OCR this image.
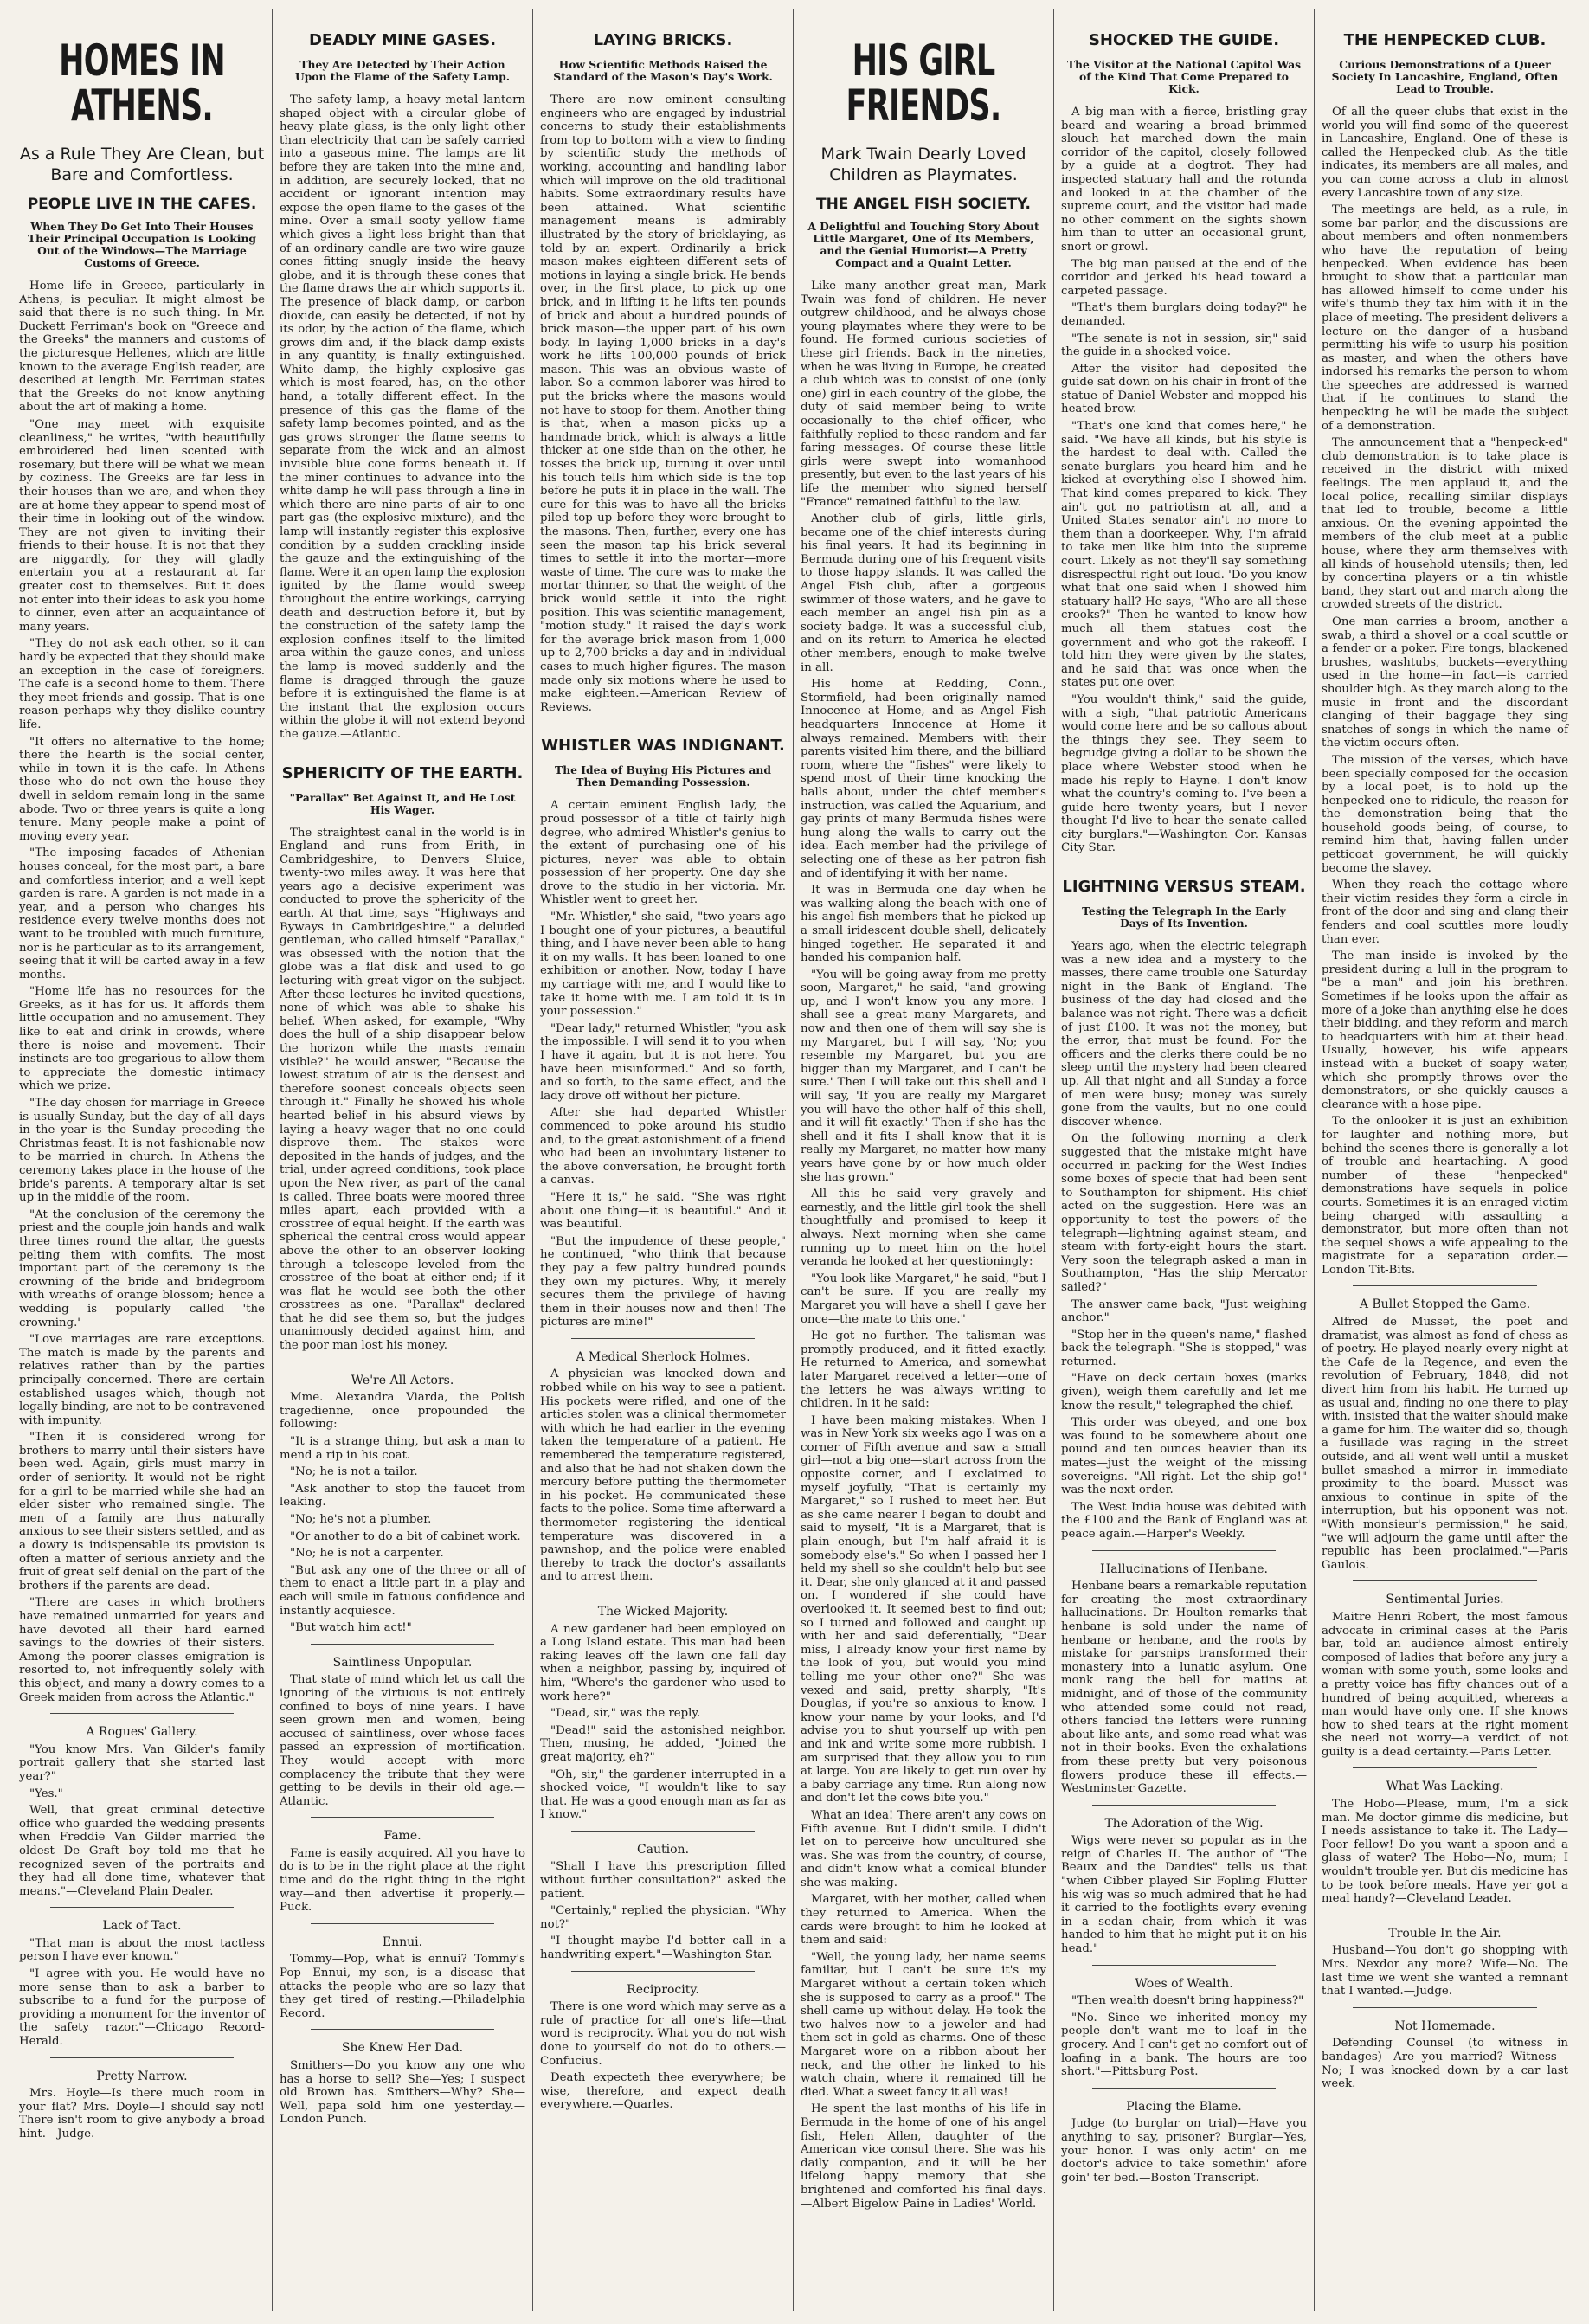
HOMES IN ATHENS.
As a Rule They Are Clean, but Bare and Comfortless.
PEOPLE LIVE IN THE CAFES.
When They Do Get Into Their Houses Their Principal Occupation Is Looking Out of the Windows—The Marriage Customs of Greece.

Home life in Greece, particularly in Athens, is peculiar. It might almost be said that there is no such thing. In Mr. Duckett Ferriman's book on "Greece and the Greeks" the manners and customs of the picturesque Hellenes, which are little known to the average English reader, are described at length. Mr. Ferriman states that the Greeks do not know anything about the art of making a home.

"One may meet with exquisite cleanliness," he writes, "with beautifully embroidered bed linen scented with rosemary, but there will be what we mean by coziness. The Greeks are far less in their houses than we are, and when they are at home they appear to spend most of their time in looking out of the window. They are not given to inviting their friends to their house. It is not that they are niggardly, for they will gladly entertain you at a restaurant at far greater cost to themselves. But it does not enter into their ideas to ask you home to dinner, even after an acquaintance of many years.

"They do not ask each other, so it can hardly be expected that they should make an exception in the case of foreigners. The cafe is a second home to them. There they meet friends and gossip. That is one reason perhaps why they dislike country life.

"It offers no alternative to the home; there the hearth is the social center, while in town it is the cafe. In Athens those who do not own the house they dwell in seldom remain long in the same abode. Two or three years is quite a long tenure. Many people make a point of moving every year.

"The imposing facades of Athenian houses conceal, for the most part, a bare and comfortless interior, and a well kept garden is rare. A garden is not made in a year, and a person who changes his residence every twelve months does not want to be troubled with much furniture, nor is he particular as to its arrangement, seeing that it will be carted away in a few months.

"Home life has no resources for the Greeks, as it has for us. It affords them little occupation and no amusement. They like to eat and drink in crowds, where there is noise and movement. Their instincts are too gregarious to allow them to appreciate the domestic intimacy which we prize.

"The day chosen for marriage in Greece is usually Sunday, but the day of all days in the year is the Sunday preceding the Christmas feast. It is not fashionable now to be married in church. In Athens the ceremony takes place in the house of the bride's parents. A temporary altar is set up in the middle of the room.

"At the conclusion of the ceremony the priest and the couple join hands and walk three times round the altar, the guests pelting them with comfits. The most important part of the ceremony is the crowning of the bride and bridegroom with wreaths of orange blossom; hence a wedding is popularly called 'the crowning.'

"Love marriages are rare exceptions. The match is made by the parents and relatives rather than by the parties principally concerned. There are certain established usages which, though not legally binding, are not to be contravened with impunity.

"Then it is considered wrong for brothers to marry until their sisters have been wed. Again, girls must marry in order of seniority. It would not be right for a girl to be married while she had an elder sister who remained single. The men of a family are thus naturally anxious to see their sisters settled, and as a dowry is indispensable its provision is often a matter of serious anxiety and the fruit of great self denial on the part of the brothers if the parents are dead.

"There are cases in which brothers have remained unmarried for years and have devoted all their hard earned savings to the dowries of their sisters. Among the poorer classes emigration is resorted to, not infrequently solely with this object, and many a dowry comes to a Greek maiden from across the Atlantic."

A Rogues' Gallery.

"You know Mrs. Van Gilder's family portrait gallery that she started last year?"

"Yes."

Well, that great criminal detective office who guarded the wedding presents when Freddie Van Gilder married the oldest De Graft boy told me that he recognized seven of the portraits and they had all done time, whatever that means."—Cleveland Plain Dealer.

Lack of Tact.

"That man is about the most tactless person I have ever known."

"I agree with you. He would have no more sense than to ask a barber to subscribe to a fund for the purpose of providing a monument for the inventor of the safety razor."—Chicago Record-Herald.

Pretty Narrow.

Mrs. Hoyle—Is there much room in your flat? Mrs. Doyle—I should say not! There isn't room to give anybody a broad hint.—Judge.

DEADLY MINE GASES.
They Are Detected by Their Action Upon the Flame of the Safety Lamp.

The safety lamp, a heavy metal lantern shaped object with a circular globe of heavy plate glass, is the only light other than electricity that can be safely carried into a gaseous mine. The lamps are lit before they are taken into the mine and, in addition, are securely locked, that no accident or ignorant intention may expose the open flame to the gases of the mine. Over a small sooty yellow flame which gives a light less bright than that of an ordinary candle are two wire gauze cones fitting snugly inside the heavy globe, and it is through these cones that the flame draws the air which supports it. The presence of black damp, or carbon dioxide, can easily be detected, if not by its odor, by the action of the flame, which grows dim and, if the black damp exists in any quantity, is finally extinguished. White damp, the highly explosive gas which is most feared, has, on the other hand, a totally different effect. In the presence of this gas the flame of the safety lamp becomes pointed, and as the gas grows stronger the flame seems to separate from the wick and an almost invisible blue cone forms beneath it. If the miner continues to advance into the white damp he will pass through a line in which there are nine parts of air to one part gas (the explosive mixture), and the lamp will instantly register this explosive condition by a sudden crackling inside the gauze and the extinguishing of the flame. Were it an open lamp the explosion ignited by the flame would sweep throughout the entire workings, carrying death and destruction before it, but by the construction of the safety lamp the explosion confines itself to the limited area within the gauze cones, and unless the lamp is moved suddenly and the flame is dragged through the gauze before it is extinguished the flame is at the instant that the explosion occurs within the globe it will not extend beyond the gauze.—Atlantic.

SPHERICITY OF THE EARTH.
"Parallax" Bet Against It, and He Lost His Wager.

The straightest canal in the world is in England and runs from Erith, in Cambridgeshire, to Denvers Sluice, twenty-two miles away. It was here that years ago a decisive experiment was conducted to prove the sphericity of the earth. At that time, says "Highways and Byways in Cambridgeshire," a deluded gentleman, who called himself "Parallax," was obsessed with the notion that the globe was a flat disk and used to go lecturing with great vigor on the subject. After these lectures he invited questions, none of which was able to shake his belief. When asked, for example, "Why does the hull of a ship disappear below the horizon while the masts remain visible?" he would answer, "Because the lowest stratum of air is the densest and therefore soonest conceals objects seen through it." Finally he showed his whole hearted belief in his absurd views by laying a heavy wager that no one could disprove them. The stakes were deposited in the hands of judges, and the trial, under agreed conditions, took place upon the New river, as part of the canal is called. Three boats were moored three miles apart, each provided with a crosstree of equal height. If the earth was spherical the central cross would appear above the other to an observer looking through a telescope leveled from the crosstree of the boat at either end; if it was flat he would see both the other crosstrees as one. "Parallax" declared that he did see them so, but the judges unanimously decided against him, and the poor man lost his money.

We're All Actors.

Mme. Alexandra Viarda, the Polish tragedienne, once propounded the following:

"It is a strange thing, but ask a man to mend a rip in his coat.

"No; he is not a tailor.

"Ask another to stop the faucet from leaking.

"No; he's not a plumber.

"Or another to do a bit of cabinet work.

"No; he is not a carpenter.

"But ask any one of the three or all of them to enact a little part in a play and each will smile in fatuous confidence and instantly acquiesce.

"But watch him act!"

Saintliness Unpopular.

That state of mind which let us call the ignoring of the virtuous is not entirely confined to boys of nine years. I have seen grown men and women, being accused of saintliness, over whose faces passed an expression of mortification. They would accept with more complacency the tribute that they were getting to be devils in their old age.—Atlantic.

Fame.

Fame is easily acquired. All you have to do is to be in the right place at the right time and do the right thing in the right way—and then advertise it properly.—Puck.

Ennui.

Tommy—Pop, what is ennui? Tommy's Pop—Ennui, my son, is a disease that attacks the people who are so lazy that they get tired of resting.—Philadelphia Record.

She Knew Her Dad.

Smithers—Do you know any one who has a horse to sell? She—Yes; I suspect old Brown has. Smithers—Why? She—Well, papa sold him one yesterday.—London Punch.

LAYING BRICKS.
How Scientific Methods Raised the Standard of the Mason's Day's Work.

There are now eminent consulting engineers who are engaged by industrial concerns to study their establishments from top to bottom with a view to finding by scientific study the methods of working, accounting and handling labor which will improve on the old traditional habits. Some extraordinary results have been attained. What scientific management means is admirably illustrated by the story of bricklaying, as told by an expert. Ordinarily a brick mason makes eighteen different sets of motions in laying a single brick. He bends over, in the first place, to pick up one brick, and in lifting it he lifts ten pounds of brick and about a hundred pounds of brick mason—the upper part of his own body. In laying 1,000 bricks in a day's work he lifts 100,000 pounds of brick mason. This was an obvious waste of labor. So a common laborer was hired to put the bricks where the masons would not have to stoop for them. Another thing is that, when a mason picks up a handmade brick, which is always a little thicker at one side than on the other, he tosses the brick up, turning it over until his touch tells him which side is the top before he puts it in place in the wall. The cure for this was to have all the bricks piled top up before they were brought to the masons. Then, further, every one has seen the mason tap his brick several times to settle it into the mortar—more waste of time. The cure was to make the mortar thinner, so that the weight of the brick would settle it into the right position. This was scientific management, "motion study." It raised the day's work for the average brick mason from 1,000 up to 2,700 bricks a day and in individual cases to much higher figures. The mason made only six motions where he used to make eighteen.—American Review of Reviews.

WHISTLER WAS INDIGNANT.
The Idea of Buying His Pictures and Then Demanding Possession.

A certain eminent English lady, the proud possessor of a title of fairly high degree, who admired Whistler's genius to the extent of purchasing one of his pictures, never was able to obtain possession of her property. One day she drove to the studio in her victoria. Mr. Whistler went to greet her.

"Mr. Whistler," she said, "two years ago I bought one of your pictures, a beautiful thing, and I have never been able to hang it on my walls. It has been loaned to one exhibition or another. Now, today I have my carriage with me, and I would like to take it home with me. I am told it is in your possession."

"Dear lady," returned Whistler, "you ask the impossible. I will send it to you when I have it again, but it is not here. You have been misinformed." And so forth, and so forth, to the same effect, and the lady drove off without her picture.

After she had departed Whistler commenced to poke around his studio and, to the great astonishment of a friend who had been an involuntary listener to the above conversation, he brought forth a canvas.

"Here it is," he said. "She was right about one thing—it is beautiful." And it was beautiful.

"But the impudence of these people," he continued, "who think that because they pay a few paltry hundred pounds they own my pictures. Why, it merely secures them the privilege of having them in their houses now and then! The pictures are mine!"

A Medical Sherlock Holmes.

A physician was knocked down and robbed while on his way to see a patient. His pockets were rifled, and one of the articles stolen was a clinical thermometer with which he had earlier in the evening taken the temperature of a patient. He remembered the temperature registered, and also that he had not shaken down the mercury before putting the thermometer in his pocket. He communicated these facts to the police. Some time afterward a thermometer registering the identical temperature was discovered in a pawnshop, and the police were enabled thereby to track the doctor's assailants and to arrest them.

The Wicked Majority.

A new gardener had been employed on a Long Island estate. This man had been raking leaves off the lawn one fall day when a neighbor, passing by, inquired of him, "Where's the gardener who used to work here?"

"Dead, sir," was the reply.

"Dead!" said the astonished neighbor. Then, musing, he added, "Joined the great majority, eh?"

"Oh, sir," the gardener interrupted in a shocked voice, "I wouldn't like to say that. He was a good enough man as far as I know."

Caution.

"Shall I have this prescription filled without further consultation?" asked the patient.

"Certainly," replied the physician. "Why not?"

"I thought maybe I'd better call in a handwriting expert."—Washington Star.

Reciprocity.

There is one word which may serve as a rule of practice for all one's life—that word is reciprocity. What you do not wish done to yourself do not do to others.—Confucius.

Death expecteth thee everywhere; be wise, therefore, and expect death everywhere.—Quarles.

HIS GIRL FRIENDS.
Mark Twain Dearly Loved Children as Playmates.
THE ANGEL FISH SOCIETY.
A Delightful and Touching Story About Little Margaret, One of Its Members, and the Genial Humorist—A Pretty Compact and a Quaint Letter.

Like many another great man, Mark Twain was fond of children. He never outgrew childhood, and he always chose young playmates where they were to be found. He formed curious societies of these girl friends. Back in the nineties, when he was living in Europe, he created a club which was to consist of one (only one) girl in each country of the globe, the duty of said member being to write occasionally to the chief officer, who faithfully replied to these random and far faring messages. Of course these little girls were swept into womanhood presently, but even to the last years of his life the member who signed herself "France" remained faithful to the law.

Another club of girls, little girls, became one of the chief interests during his final years. It had its beginning in Bermuda during one of his frequent visits to those happy islands. It was called the Angel Fish club, after a gorgeous swimmer of those waters, and he gave to each member an angel fish pin as a society badge. It was a successful club, and on its return to America he elected other members, enough to make twelve in all.

His home at Redding, Conn., Stormfield, had been originally named Innocence at Home, and as Angel Fish headquarters Innocence at Home it always remained. Members with their parents visited him there, and the billiard room, where the "fishes" were likely to spend most of their time knocking the balls about, under the chief member's instruction, was called the Aquarium, and gay prints of many Bermuda fishes were hung along the walls to carry out the idea. Each member had the privilege of selecting one of these as her patron fish and of identifying it with her name.

It was in Bermuda one day when he was walking along the beach with one of his angel fish members that he picked up a small iridescent double shell, delicately hinged together. He separated it and handed his companion half.

"You will be going away from me pretty soon, Margaret," he said, "and growing up, and I won't know you any more. I shall see a great many Margarets, and now and then one of them will say she is my Margaret, but I will say, 'No; you resemble my Margaret, but you are bigger than my Margaret, and I can't be sure.' Then I will take out this shell and I will say, 'If you are really my Margaret you will have the other half of this shell, and it will fit exactly.' Then if she has the shell and it fits I shall know that it is really my Margaret, no matter how many years have gone by or how much older she has grown."

All this he said very gravely and earnestly, and the little girl took the shell thoughtfully and promised to keep it always. Next morning when she came running up to meet him on the hotel veranda he looked at her questioningly:

"You look like Margaret," he said, "but I can't be sure. If you are really my Margaret you will have a shell I gave her once—the mate to this one."

He got no further. The talisman was promptly produced, and it fitted exactly. He returned to America, and somewhat later Margaret received a letter—one of the letters he was always writing to children. In it he said:

I have been making mistakes. When I was in New York six weeks ago I was on a corner of Fifth avenue and saw a small girl—not a big one—start across from the opposite corner, and I exclaimed to myself joyfully, "That is certainly my Margaret," so I rushed to meet her. But as she came nearer I began to doubt and said to myself, "It is a Margaret, that is plain enough, but I'm half afraid it is somebody else's." So when I passed her I held my shell so she couldn't help but see it. Dear, she only glanced at it and passed on. I wondered if she could have overlooked it. It seemed best to find out; so I turned and followed and caught up with her and said deferentially, "Dear miss, I already know your first name by the look of you, but would you mind telling me your other one?" She was vexed and said, pretty sharply, "It's Douglas, if you're so anxious to know. I know your name by your looks, and I'd advise you to shut yourself up with pen and ink and write some more rubbish. I am surprised that they allow you to run at large. You are likely to get run over by a baby carriage any time. Run along now and don't let the cows bite you."

What an idea! There aren't any cows on Fifth avenue. But I didn't smile. I didn't let on to perceive how uncultured she was. She was from the country, of course, and didn't know what a comical blunder she was making.

Margaret, with her mother, called when they returned to America. When the cards were brought to him he looked at them and said:

"Well, the young lady, her name seems familiar, but I can't be sure it's my Margaret without a certain token which she is supposed to carry as a proof." The shell came up without delay. He took the two halves now to a jeweler and had them set in gold as charms. One of these Margaret wore on a ribbon about her neck, and the other he linked to his watch chain, where it remained till he died. What a sweet fancy it all was!

He spent the last months of his life in Bermuda in the home of one of his angel fish, Helen Allen, daughter of the American vice consul there. She was his daily companion, and it will be her lifelong happy memory that she brightened and comforted his final days.—Albert Bigelow Paine in Ladies' World.

SHOCKED THE GUIDE.
The Visitor at the National Capitol Was of the Kind That Come Prepared to Kick.

A big man with a fierce, bristling gray beard and wearing a broad brimmed slouch hat marched down the main corridor of the capitol, closely followed by a guide at a dogtrot. They had inspected statuary hall and the rotunda and looked in at the chamber of the supreme court, and the visitor had made no other comment on the sights shown him than to utter an occasional grunt, snort or growl.

The big man paused at the end of the corridor and jerked his head toward a carpeted passage.

"That's them burglars doing today?" he demanded.

"The senate is not in session, sir," said the guide in a shocked voice.

After the visitor had deposited the guide sat down on his chair in front of the statue of Daniel Webster and mopped his heated brow.

"That's one kind that comes here," he said. "We have all kinds, but his style is the hardest to deal with. Called the senate burglars—you heard him—and he kicked at everything else I showed him. That kind comes prepared to kick. They ain't got no patriotism at all, and a United States senator ain't no more to them than a doorkeeper. Why, I'm afraid to take men like him into the supreme court. Likely as not they'll say something disrespectful right out loud. 'Do you know what that one said when I showed him statuary hall? He says, "Who are all these crooks?" Then he wanted to know how much all them statues cost the government and who got the rakeoff. I told him they were given by the states, and he said that was once when the states put one over.

"You wouldn't think," said the guide, with a sigh, "that patriotic Americans would come here and be so callous about the things they see. They seem to begrudge giving a dollar to be shown the place where Webster stood when he made his reply to Hayne. I don't know what the country's coming to. I've been a guide here twenty years, but I never thought I'd live to hear the senate called city burglars."—Washington Cor. Kansas City Star.

LIGHTNING VERSUS STEAM.
Testing the Telegraph In the Early Days of Its Invention.

Years ago, when the electric telegraph was a new idea and a mystery to the masses, there came trouble one Saturday night in the Bank of England. The business of the day had closed and the balance was not right. There was a deficit of just £100. It was not the money, but the error, that must be found. For the officers and the clerks there could be no sleep until the mystery had been cleared up. All that night and all Sunday a force of men were busy; money was surely gone from the vaults, but no one could discover whence.

On the following morning a clerk suggested that the mistake might have occurred in packing for the West Indies some boxes of specie that had been sent to Southampton for shipment. His chief acted on the suggestion. Here was an opportunity to test the powers of the telegraph—lightning against steam, and steam with forty-eight hours the start. Very soon the telegraph asked a man in Southampton, "Has the ship Mercator sailed?"

The answer came back, "Just weighing anchor."

"Stop her in the queen's name," flashed back the telegraph. "She is stopped," was returned.

"Have on deck certain boxes (marks given), weigh them carefully and let me know the result," telegraphed the chief.

This order was obeyed, and one box was found to be somewhere about one pound and ten ounces heavier than its mates—just the weight of the missing sovereigns. "All right. Let the ship go!" was the next order.

The West India house was debited with the £100 and the Bank of England was at peace again.—Harper's Weekly.

Hallucinations of Henbane.

Henbane bears a remarkable reputation for creating the most extraordinary hallucinations. Dr. Houlton remarks that henbane is sold under the name of henbane or henbane, and the roots by mistake for parsnips transformed their monastery into a lunatic asylum. One monk rang the bell for matins at midnight, and of those of the community who attended some could not read, others fancied the letters were running about like ants, and some read what was not in their books. Even the exhalations from these pretty but very poisonous flowers produce these ill effects.—Westminster Gazette.

The Adoration of the Wig.

Wigs were never so popular as in the reign of Charles II. The author of "The Beaux and the Dandies" tells us that "when Cibber played Sir Fopling Flutter his wig was so much admired that he had it carried to the footlights every evening in a sedan chair, from which it was handed to him that he might put it on his head."

Woes of Wealth.

"Then wealth doesn't bring happiness?"

"No. Since we inherited money my people don't want me to loaf in the grocery. And I can't get no comfort out of loafing in a bank. The hours are too short."—Pittsburg Post.

Placing the Blame.

Judge (to burglar on trial)—Have you anything to say, prisoner? Burglar—Yes, your honor. I was only actin' on me doctor's advice to take somethin' afore goin' ter bed.—Boston Transcript.

THE HENPECKED CLUB.
Curious Demonstrations of a Queer Society In Lancashire, England, Often Lead to Trouble.

Of all the queer clubs that exist in the world you will find some of the queerest in Lancashire, England. One of these is called the Henpecked club. As the title indicates, its members are all males, and you can come across a club in almost every Lancashire town of any size.

The meetings are held, as a rule, in some bar parlor, and the discussions are about members and often nonmembers who have the reputation of being henpecked. When evidence has been brought to show that a particular man has allowed himself to come under his wife's thumb they tax him with it in the place of meeting. The president delivers a lecture on the danger of a husband permitting his wife to usurp his position as master, and when the others have indorsed his remarks the person to whom the speeches are addressed is warned that if he continues to stand the henpecking he will be made the subject of a demonstration.

The announcement that a "henpeck-ed" club demonstration is to take place is received in the district with mixed feelings. The men applaud it, and the local police, recalling similar displays that led to trouble, become a little anxious. On the evening appointed the members of the club meet at a public house, where they arm themselves with all kinds of household utensils; then, led by concertina players or a tin whistle band, they start out and march along the crowded streets of the district.

One man carries a broom, another a swab, a third a shovel or a coal scuttle or a fender or a poker. Fire tongs, blackened brushes, washtubs, buckets—everything used in the home—in fact—is carried shoulder high. As they march along to the music in front and the discordant clanging of their baggage they sing snatches of songs in which the name of the victim occurs often.

The mission of the verses, which have been specially composed for the occasion by a local poet, is to hold up the henpecked one to ridicule, the reason for the demonstration being that the household goods being, of course, to remind him that, having fallen under petticoat government, he will quickly become the slavey.

When they reach the cottage where their victim resides they form a circle in front of the door and sing and clang their fenders and coal scuttles more loudly than ever.

The man inside is invoked by the president during a lull in the program to "be a man" and join his brethren. Sometimes if he looks upon the affair as more of a joke than anything else he does their bidding, and they reform and march to headquarters with him at their head. Usually, however, his wife appears instead with a bucket of soapy water, which she promptly throws over the demonstrators, or she quickly causes a clearance with a hose pipe.

To the onlooker it is just an exhibition for laughter and nothing more, but behind the scenes there is generally a lot of trouble and heartaching. A good number of these "henpecked" demonstrations have sequels in police courts. Sometimes it is an enraged victim being charged with assaulting a demonstrator, but more often than not the sequel shows a wife appealing to the magistrate for a separation order.—London Tit-Bits.

A Bullet Stopped the Game.

Alfred de Musset, the poet and dramatist, was almost as fond of chess as of poetry. He played nearly every night at the Cafe de la Regence, and even the revolution of February, 1848, did not divert him from his habit. He turned up as usual and, finding no one there to play with, insisted that the waiter should make a game for him. The waiter did so, though a fusillade was raging in the street outside, and all went well until a musket bullet smashed a mirror in immediate proximity to the board. Musset was anxious to continue in spite of the interruption, but his opponent was not. "With monsieur's permission," he said, "we will adjourn the game until after the republic has been proclaimed."—Paris Gaulois.

Sentimental Juries.

Maitre Henri Robert, the most famous advocate in criminal cases at the Paris bar, told an audience almost entirely composed of ladies that before any jury a woman with some youth, some looks and a pretty voice has fifty chances out of a hundred of being acquitted, whereas a man would have only one. If she knows how to shed tears at the right moment she need not worry—a verdict of not guilty is a dead certainty.—Paris Letter.

What Was Lacking.

The Hobo—Please, mum, I'm a sick man. Me doctor gimme dis medicine, but I needs assistance to take it. The Lady—Poor fellow! Do you want a spoon and a glass of water? The Hobo—No, mum; I wouldn't trouble yer. But dis medicine has to be took before meals. Have yer got a meal handy?—Cleveland Leader.

Trouble In the Air.

Husband—You don't go shopping with Mrs. Nexdor any more? Wife—No. The last time we went she wanted a remnant that I wanted.—Judge.

Not Homemade.

Defending Counsel (to witness in bandages)—Are you married? Witness—No; I was knocked down by a car last week.
